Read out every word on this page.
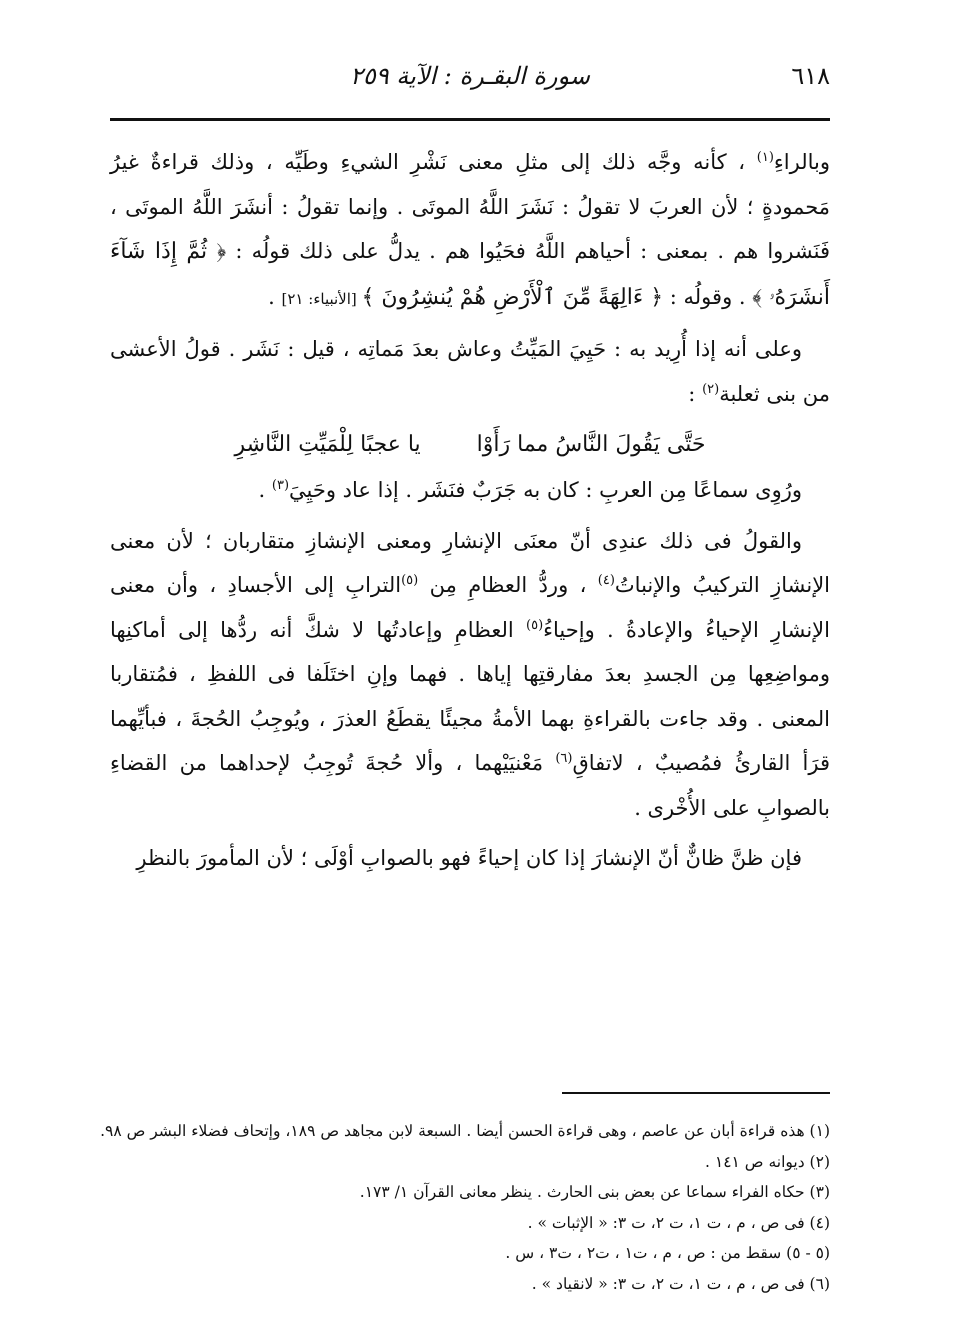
٦١٨
سورة البقـرة : الآية ٢٥٩

وبالراءِ$^{(١)}$ ، كأنه وجَّه ذلك إلى مثلِ معنى نَشْرِ الشيءِ وطَيِّه ، وذلك قراءةٌ غيرُ مَحمودةٍ ؛ لأن العربَ لا تقولُ : نَشَرَ اللَّهُ الموتَى . وإنما تقولُ : أنشَرَ اللَّهُ الموتَى ، فَنَشروا هم . بمعنى : أحياهم اللَّهُ فحَيُوا هم . يدلُّ على ذلك قولُه : ﴿ ثُمَّ إِذَا شَآءَ أَنشَرَهُۥ ﴾ . وقولُه : ﴿ ءَالِهَةً مِّنَ ٱلْأَرْضِ هُمْ يُنشِرُونَ ﴾ [الأنبياء: ٢١] .

وعلى أنه إذا أُرِيد به : حَيِيَ المَيِّتُ وعاش بعدَ مَماتِه ، قيل : نَشَر . قولُ الأعشى من بنى ثعلبة$^{(٢)}$ :

حَتَّى يَقُولَ النَّاسُ مما رَأَوْا
يا عجبًا لِلْمَيِّتِ النَّاشِرِ

ورُوِى سماعًا مِن العربِ : كان به جَرَبٌ فنَشَر . إذا عاد وحَيِيَ$^{(٣)}$ .

والقولُ فى ذلك عندِى أنّ معنَى الإنشارِ ومعنى الإنشازِ متقاربان ؛ لأن معنى الإنشازِ التركيبُ والإنباتُ$^{(٤)}$ ، وردُّ العظامِ مِن $^{(٥)}$الترابِ إلى الأجسادِ ، وأن معنى الإنشارِ الإحياءُ والإعادةُ . وإحياءُ$^{(٥)}$ العظامِ وإعادتُها لا شكَّ أنه ردُّها إلى أماكنِها ومواضِعِها مِن الجسدِ بعدَ مفارقتِها إياها . فهما وإنِ اختَلَفا فى اللفظِ ، فمُتقاربا المعنى . وقد جاءت بالقراءةِ بهما الأمةُ مجيئًا يقطَعُ العذرَ ، ويُوجِبُ الحُجةَ ، فبأيِّهما قرَأ القارئُ فمُصيبٌ ، لاتفاقِ$^{(٦)}$ مَعْنيَيْهما ، وألا حُجةَ تُوجِبُ لإحداهما من القضاءِ بالصوابِ على الأُخْرى .

فإن ظنَّ ظانٌّ أنّ الإنشارَ إذا كان إحياءً فهو بالصوابِ أوْلَى ؛ لأن المأمورَ بالنظرِ

(١) هذه قراءة أبان عن عاصم ، وهى قراءة الحسن أيضا . السبعة لابن مجاهد ص ١٨٩، وإتحاف فضلاء البشر ص ٩٨.

(٢) ديوانه ص ١٤١ .

(٣) حكاه الفراء سماعا عن بعض بنى الحارث . ينظر معانى القرآن ١/ ١٧٣.

(٤) فى ص ، م ، ت ١، ت ٢، ت ٣: « الإثبات » .

(٥ - ٥) سقط من : ص ، م ، ت١ ، ت٢ ، ت٣ ، س .

(٦) فى ص ، م ، ت ١، ت ٢، ت ٣: « لانقياد » .
